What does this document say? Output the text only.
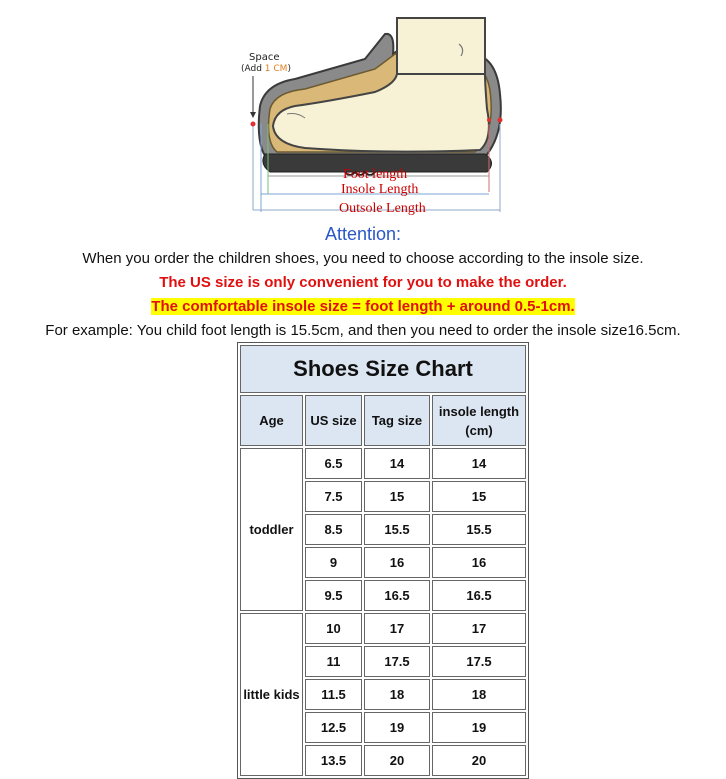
Space
(Add 1 CM)
Foot length
Insole Length
Outsole Length
Attention:
When you order the children shoes, you need to choose according to the insole size.
The US size is only convenient for you to make the order.
The comfortable insole size = foot length + around 0.5-1cm.
For example: You child foot length is 15.5cm, and then you need to order the insole size16.5cm.
Shoes Size Chart			
Age	US size	Tag size	insole length
(cm)

toddler	6.5	14	14
	7.5	15	15
	8.5	15.5	15.5
	9	16	16
	9.5	16.5	16.5
little kids	10	17	17
	11	17.5	17.5
	11.5	18	18
	12.5	19	19
	13.5	20	20
